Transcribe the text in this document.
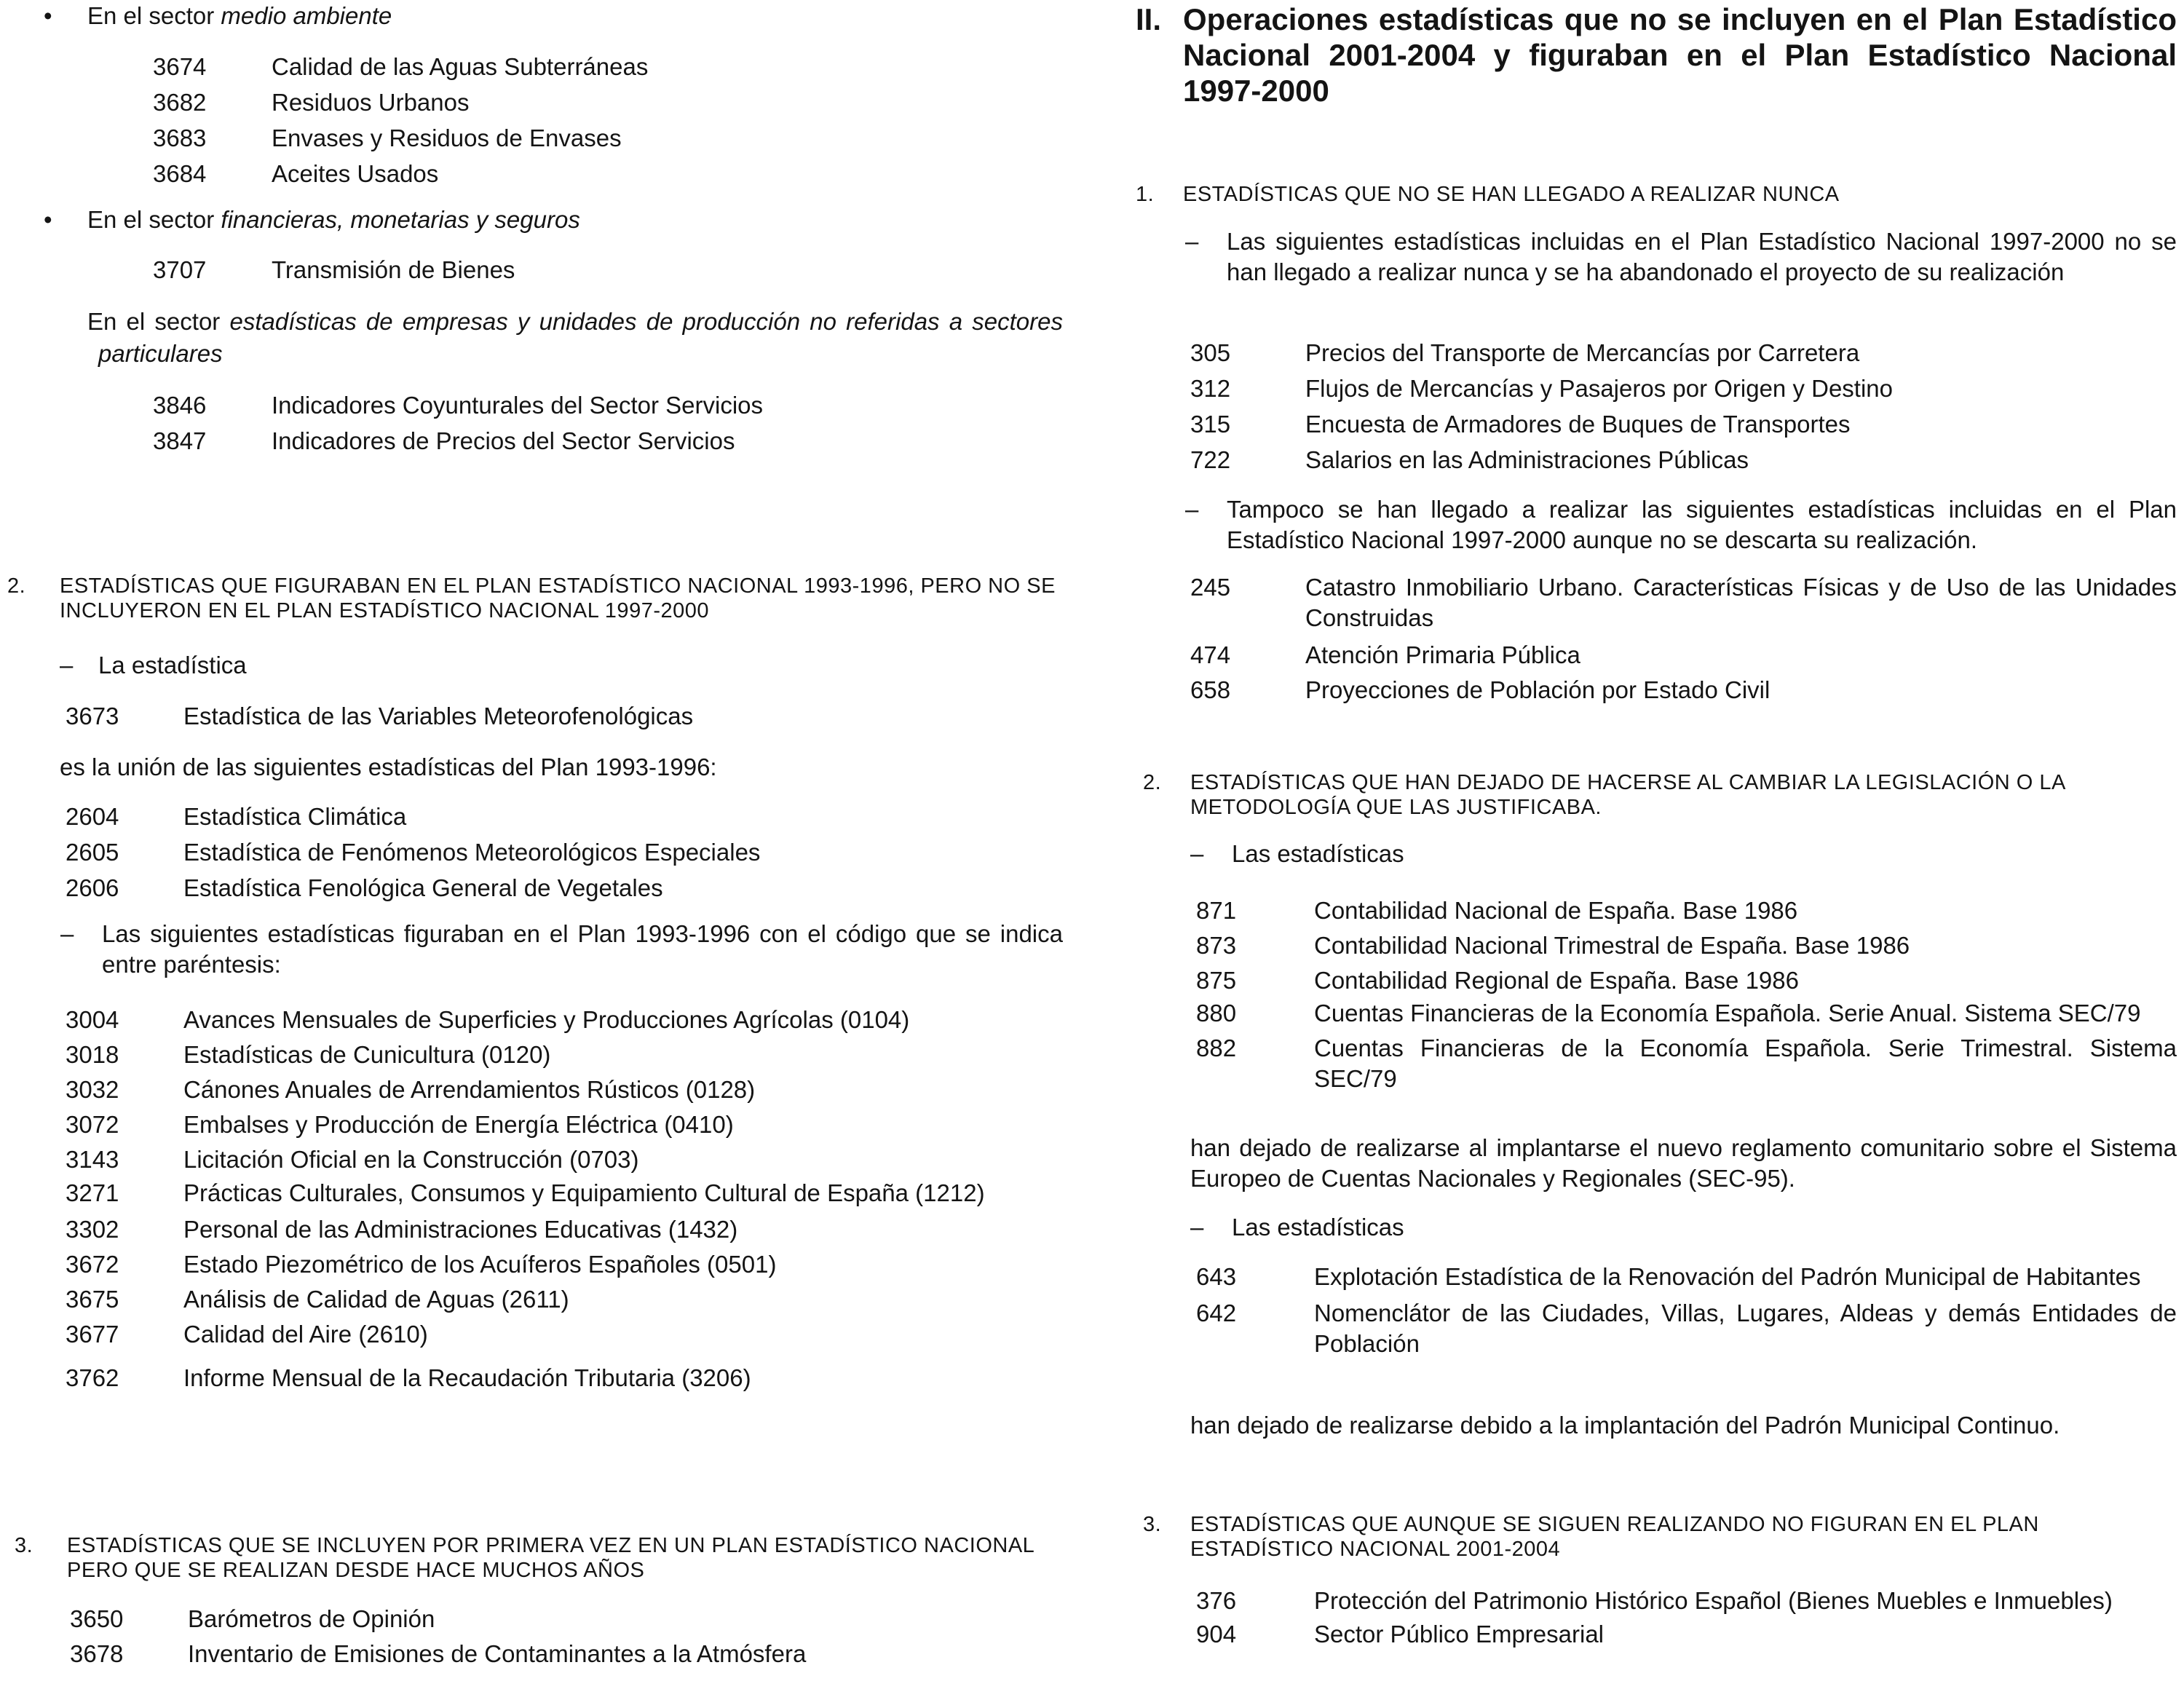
•En el sector medio ambiente
3674	Calidad de las Aguas Subterráneas
3682	Residuos Urbanos
3683	Envases y Residuos de Envases
3684	Aceites Usados
•En el sector financieras, monetarias y seguros
3707	Transmisión de Bienes
•En el sector estadísticas de empresas y unidades de producción no referidas a sectores particulares
3846	Indicadores Coyunturales del Sector Servicios
3847	Indicadores de Precios del Sector Servicios
2. ESTADÍSTICAS QUE FIGURABAN EN EL PLAN ESTADÍSTICO NACIONAL 1993-1996, PERO NO SE INCLUYERON EN EL PLAN ESTADÍSTICO NACIONAL 1997-2000
– La estadística
3673	Estadística de las Variables Meteorofenológicas
es la unión de las siguientes estadísticas del Plan 1993-1996:
2604	Estadística Climática
2605	Estadística de Fenómenos Meteorológicos Especiales
2606	Estadística Fenológica General de Vegetales
– Las siguientes estadísticas figuraban en el Plan 1993-1996 con el código que se indica entre paréntesis:
3004	Avances Mensuales de Superficies y Producciones Agrícolas (0104)
3018	Estadísticas de Cunicultura (0120)
3032	Cánones Anuales de Arrendamientos Rústicos (0128)
3072	Embalses y Producción de Energía Eléctrica (0410)
3143	Licitación Oficial en la Construcción (0703)
3271	Prácticas Culturales, Consumos y Equipamiento Cultural de España (1212)
3302	Personal de las Administraciones Educativas (1432)
3672	Estado Piezométrico de los Acuíferos Españoles (0501)
3675	Análisis de Calidad de Aguas (2611)
3677	Calidad del Aire (2610)
3762	Informe Mensual de la Recaudación Tributaria (3206)
3. ESTADÍSTICAS QUE SE INCLUYEN POR PRIMERA VEZ EN UN PLAN ESTADÍSTICO NACIONAL PERO QUE SE REALIZAN DESDE HACE MUCHOS AÑOS
3650	Barómetros de Opinión
3678	Inventario de Emisiones de Contaminantes a la Atmósfera
II. Operaciones estadísticas que no se incluyen en el Plan Estadístico Nacional 2001-2004 y figuraban en el Plan Estadístico Nacional 1997-2000
1. ESTADÍSTICAS QUE NO SE HAN LLEGADO A REALIZAR NUNCA
– Las siguientes estadísticas incluidas en el Plan Estadístico Nacional 1997-2000 no se han llegado a realizar nunca y se ha abandonado el proyecto de su realización
305	Precios del Transporte de Mercancías por Carretera
312	Flujos de Mercancías y Pasajeros por Origen y Destino
315	Encuesta de Armadores de Buques de Transportes
722	Salarios en las Administraciones Públicas
– Tampoco se han llegado a realizar las siguientes estadísticas incluidas en el Plan Estadístico Nacional 1997-2000 aunque no se descarta su realización.
245	Catastro Inmobiliario Urbano. Características Físicas y de Uso de las Unidades Construidas
474	Atención Primaria Pública
658	Proyecciones de Población por Estado Civil
2. ESTADÍSTICAS QUE HAN DEJADO DE HACERSE AL CAMBIAR LA LEGISLACIÓN O LA METODOLOGÍA QUE LAS JUSTIFICABA.
– Las estadísticas
871	Contabilidad Nacional de España. Base 1986
873	Contabilidad Nacional Trimestral de España. Base 1986
875	Contabilidad Regional de España. Base 1986
880	Cuentas Financieras de la Economía Española. Serie Anual. Sistema SEC/79
882	Cuentas Financieras de la Economía Española. Serie Trimestral. Sistema SEC/79
han dejado de realizarse al implantarse el nuevo reglamento comunitario sobre el Sistema Europeo de Cuentas Nacionales y Regionales (SEC-95).
– Las estadísticas
643	Explotación Estadística de la Renovación del Padrón Municipal de Habitantes
642	Nomenclátor de las Ciudades, Villas, Lugares, Aldeas y demás Entidades de Población
han dejado de realizarse debido a la implantación del Padrón Municipal Continuo.
3. ESTADÍSTICAS QUE AUNQUE SE SIGUEN REALIZANDO NO FIGURAN EN EL PLAN ESTADÍSTICO NACIONAL 2001-2004
376	Protección del Patrimonio Histórico Español (Bienes Muebles e Inmuebles)
904	Sector Público Empresarial
